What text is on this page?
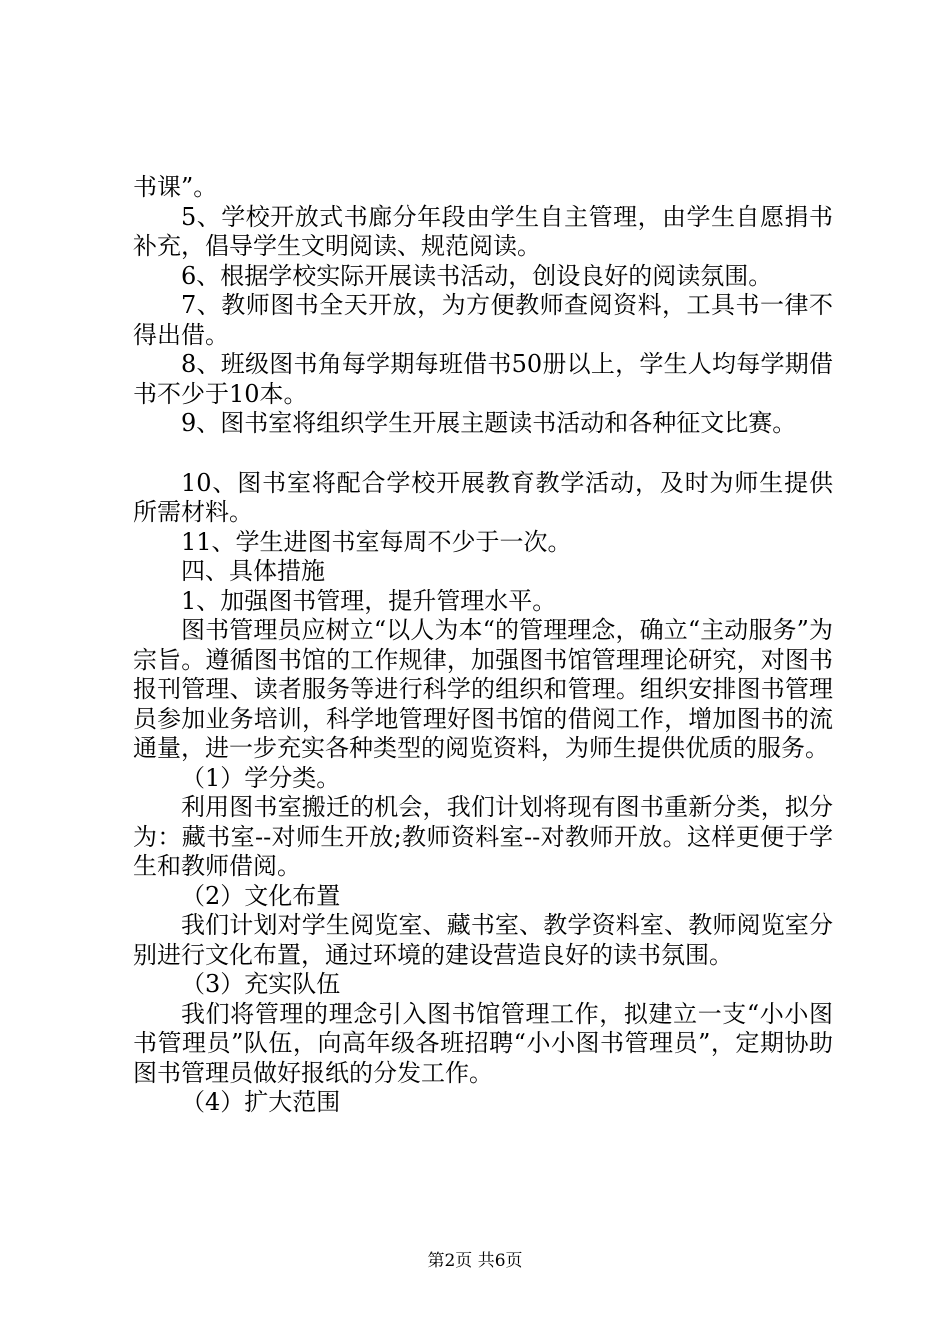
书课”。

5、学校开放式书廊分年段由学生自主管理，由学生自愿捐书补充，倡导学生文明阅读、规范阅读。

6、根据学校实际开展读书活动，创设良好的阅读氛围。

7、教师图书全天开放，为方便教师查阅资料，工具书一律不得出借。

8、班级图书角每学期每班借书50册以上，学生人均每学期借书不少于10本。

9、图书室将组织学生开展主题读书活动和各种征文比赛。

10、图书室将配合学校开展教育教学活动，及时为师生提供所需材料。

11、学生进图书室每周不少于一次。

四、具体措施

1、加强图书管理，提升管理水平。

图书管理员应树立“以人为本“的管理理念，确立“主动服务”为宗旨。遵循图书馆的工作规律，加强图书馆管理理论研究，对图书报刊管理、读者服务等进行科学的组织和管理。组织安排图书管理员参加业务培训，科学地管理好图书馆的借阅工作，增加图书的流通量，进一步充实各种类型的阅览资料，为师生提供优质的服务。

（1）学分类。

利用图书室搬迁的机会，我们计划将现有图书重新分类，拟分为：藏书室--对师生开放;教师资料室--对教师开放。这样更便于学生和教师借阅。

（2）文化布置

我们计划对学生阅览室、藏书室、教学资料室、教师阅览室分别进行文化布置，通过环境的建设营造良好的读书氛围。

（3）充实队伍

我们将管理的理念引入图书馆管理工作，拟建立一支“小小图书管理员”队伍，向高年级各班招聘“小小图书管理员”，定期协助图书管理员做好报纸的分发工作。

（4）扩大范围

第2页 共6页
